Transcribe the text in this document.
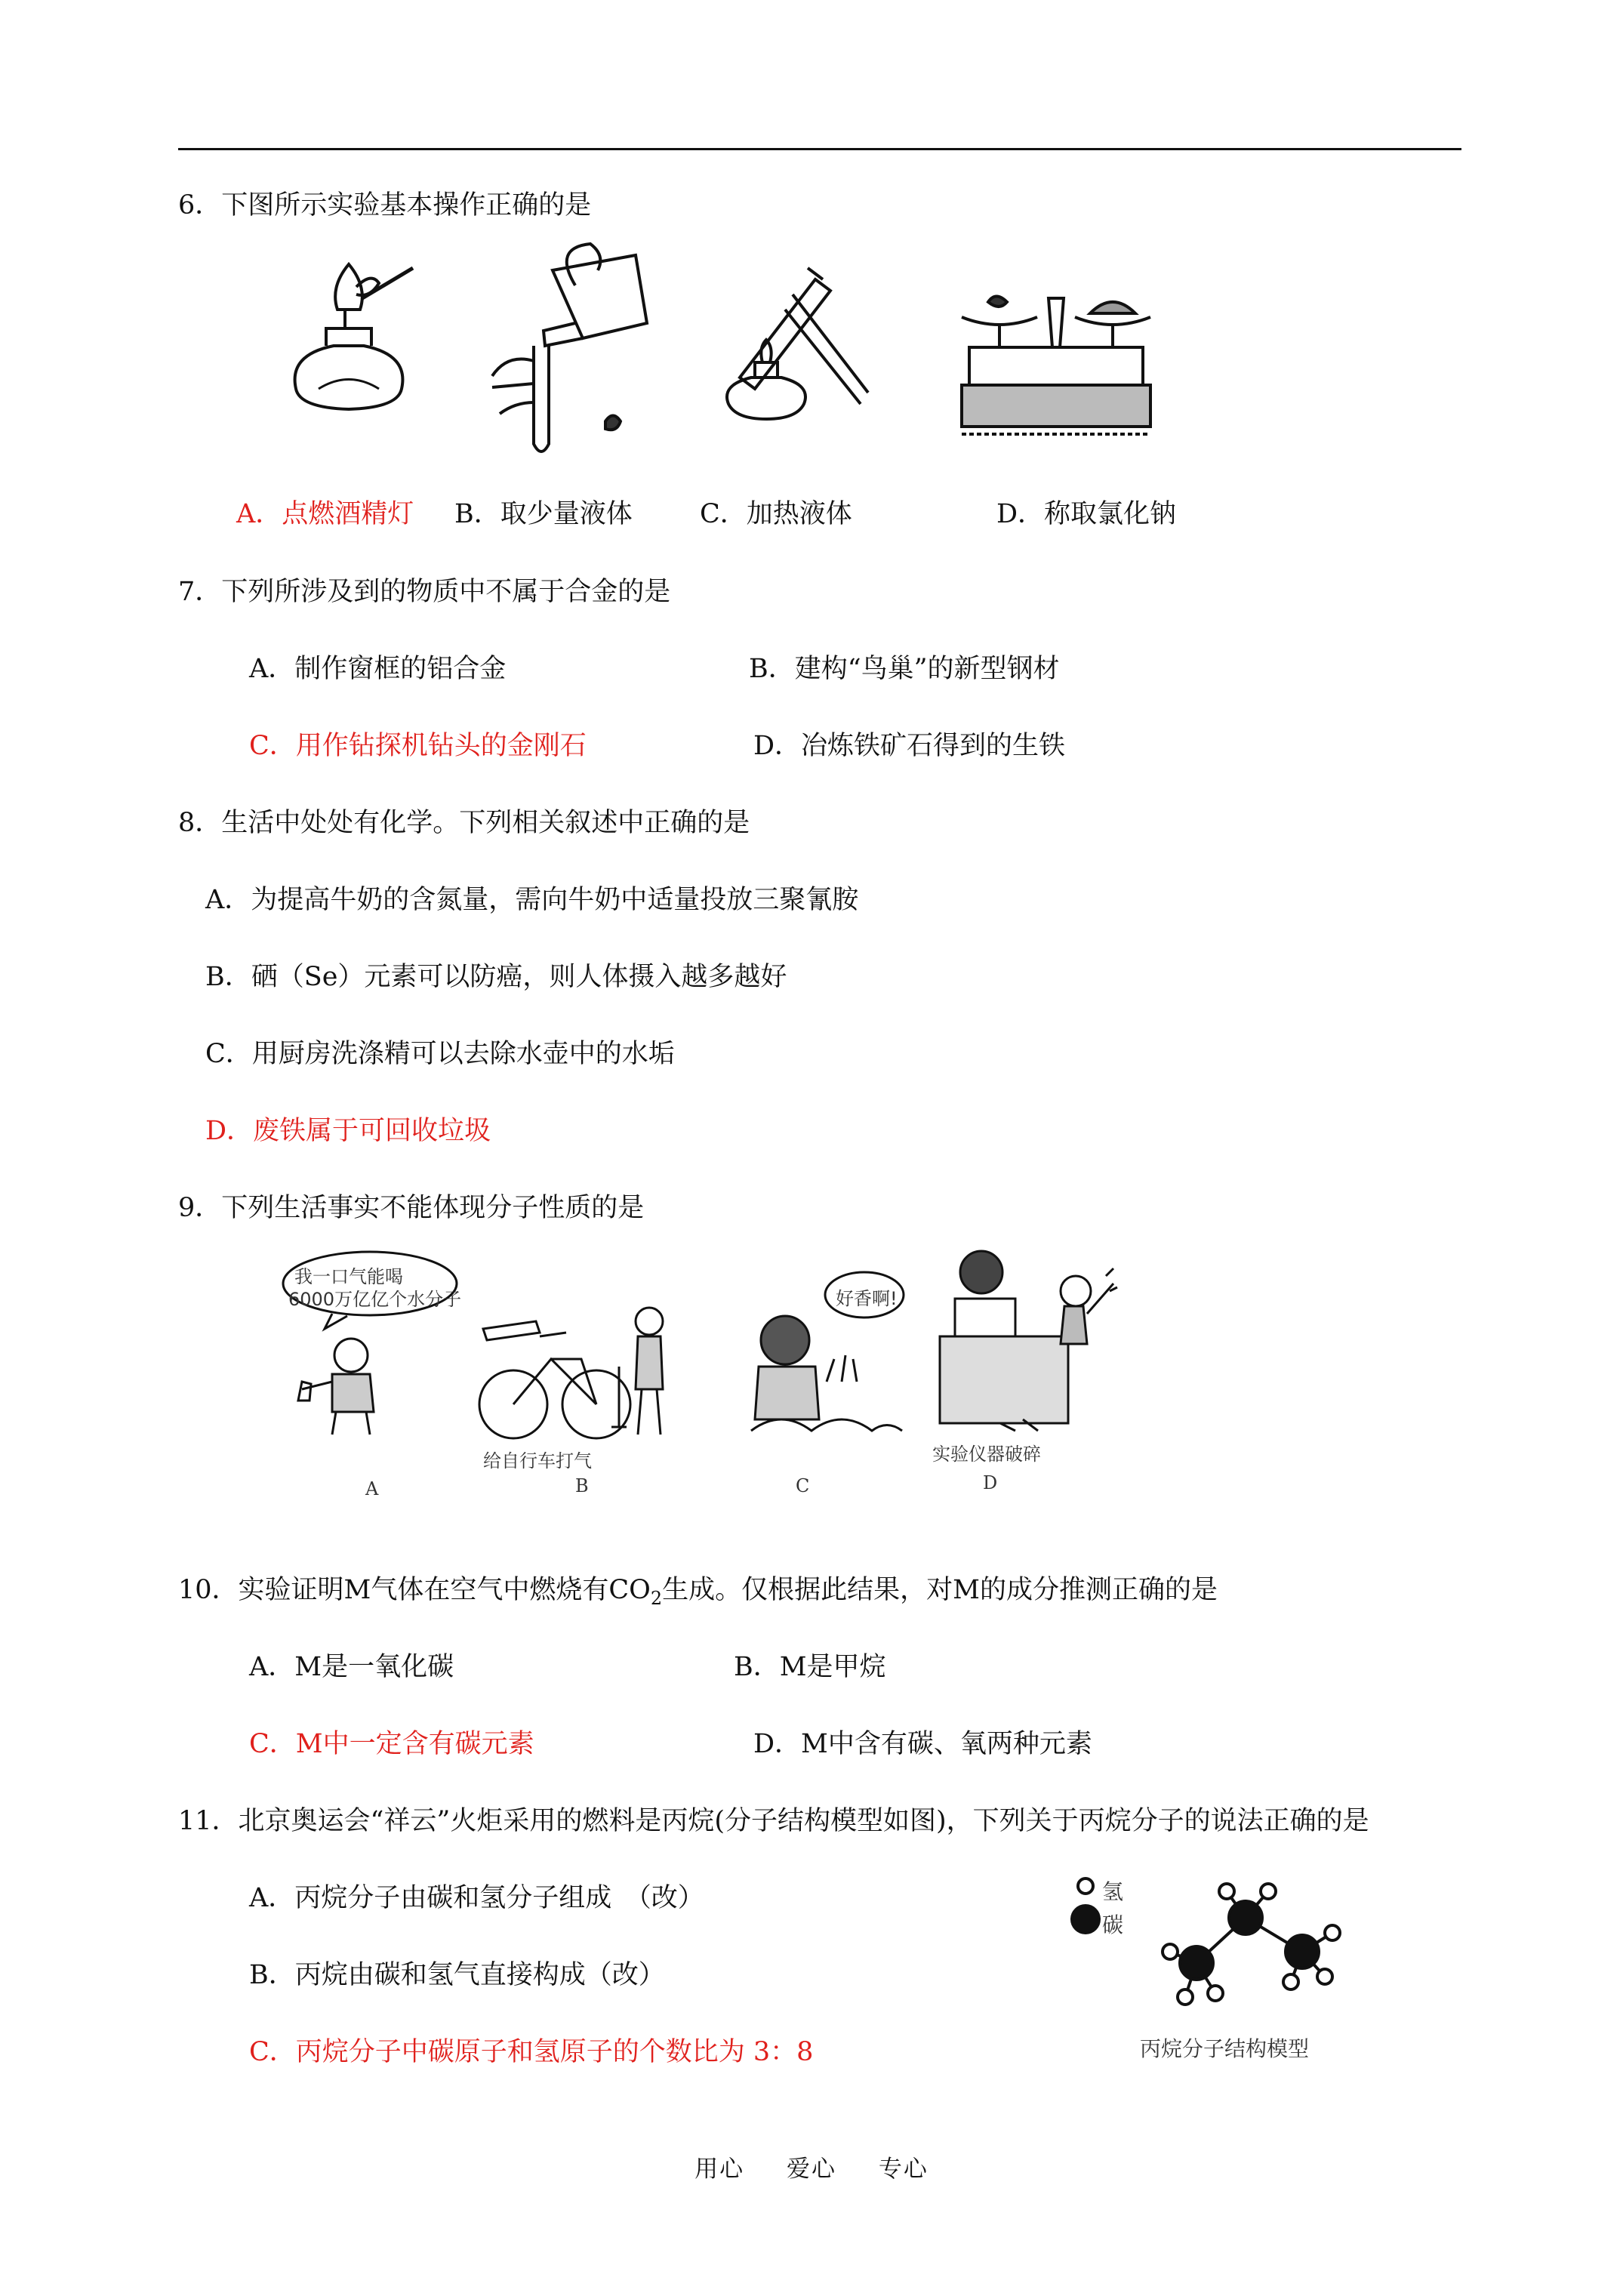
6．下图所示实验基本操作正确的是
A．点燃酒精灯 B．取少量液体	C．加热液体	D．称取氯化钠
7．下列所涉及到的物质中不属于合金的是
A．制作窗框的铝合金	B．建构“鸟巢”的新型钢材
C．用作钻探机钻头的金刚石	D．冶炼铁矿石得到的生铁
8．生活中处处有化学。下列相关叙述中正确的是
A．为提高牛奶的含氮量，需向牛奶中适量投放三聚氰胺
B．硒（Se）元素可以防癌，则人体摄入越多越好
C．用厨房洗涤精可以去除水壶中的水垢
D．废铁属于可回收垃圾
9．下列生活事实不能体现分子性质的是
我一口气能喝
6000万亿亿个水分子
给自行车打气
好香啊!
实验仪器破碎
A	B	C	D
10．实验证明M气体在空气中燃烧有$CO_2$生成。仅根据此结果，对M的成分推测正确的是
A．M是一氧化碳	B．M是甲烷
C．M中一定含有碳元素	D．M中含有碳、氧两种元素
11．北京奥运会“祥云”火炬采用的燃料是丙烷(分子结构模型如图)，下列关于丙烷分子的说法正确的是
A．丙烷分子由碳和氢分子组成　（改）
B．丙烷由碳和氢气直接构成（改）
C．丙烷分子中碳原子和氢原子的个数比为 3：8
氢
碳
丙烷分子结构模型
用心 爱心 专心
